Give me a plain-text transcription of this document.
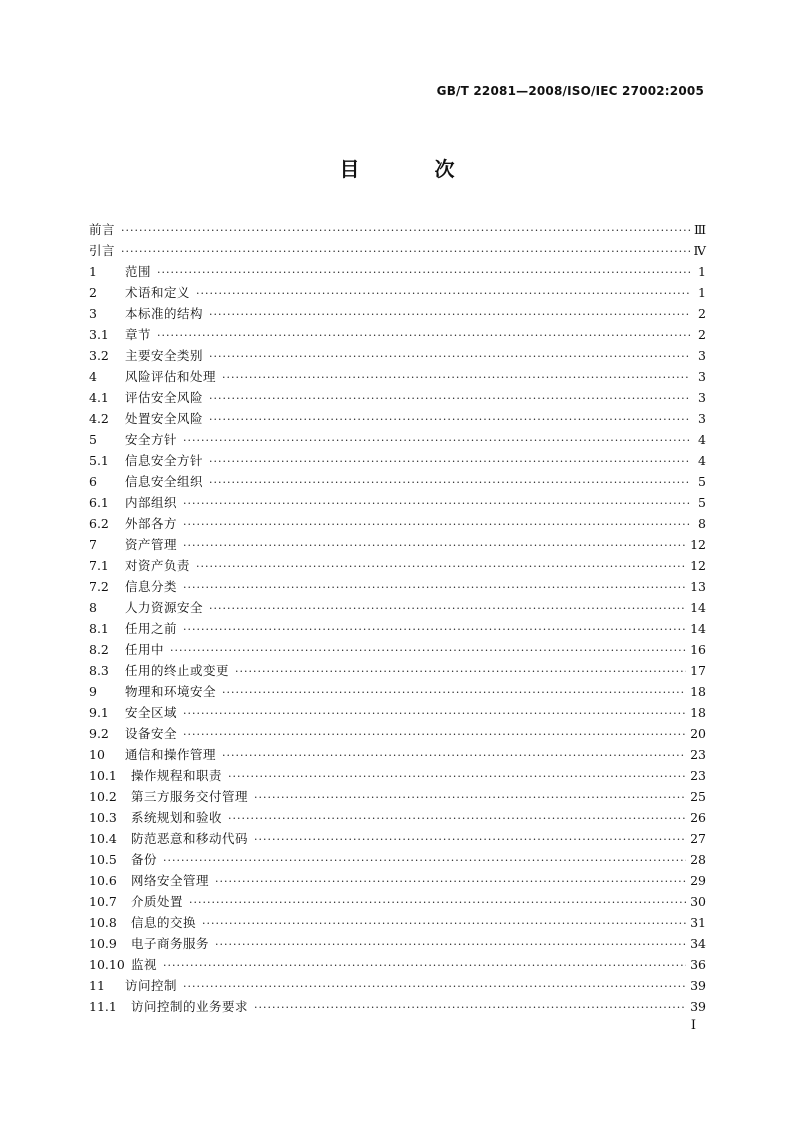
GB/T 22081—2008/ISO/IEC 27002:2005
目 次
前言 ·····	Ⅲ
引言 ·····	Ⅳ
1	范围 ·····	1
2	术语和定义 ·····	1
3	本标准的结构 ·····	2
3.1	章节 ·····	2
3.2	主要安全类别 ·····	3
4	风险评估和处理 ·····	3
4.1	评估安全风险 ·····	3
4.2	处置安全风险 ·····	3
5	安全方针 ·····	4
5.1	信息安全方针 ·····	4
6	信息安全组织 ·····	5
6.1	内部组织 ·····	5
6.2	外部各方 ·····	8
7	资产管理 ·····	12
7.1	对资产负责 ·····	12
7.2	信息分类 ·····	13
8	人力资源安全 ·····	14
8.1	任用之前 ·····	14
8.2	任用中 ·····	16
8.3	任用的终止或变更 ·····	17
9	物理和环境安全 ·····	18
9.1	安全区域 ·····	18
9.2	设备安全 ·····	20
10	通信和操作管理 ·····	23
10.1	操作规程和职责 ·····	23
10.2	第三方服务交付管理 ·····	25
10.3	系统规划和验收 ·····	26
10.4	防范恶意和移动代码 ·····	27
10.5	备份 ·····	28
10.6	网络安全管理 ·····	29
10.7	介质处置 ·····	30
10.8	信息的交换 ·····	31
10.9	电子商务服务 ·····	34
10.10 监视 ·····	36
11	访问控制 ·····	39
11.1	访问控制的业务要求 ·····	39
I
